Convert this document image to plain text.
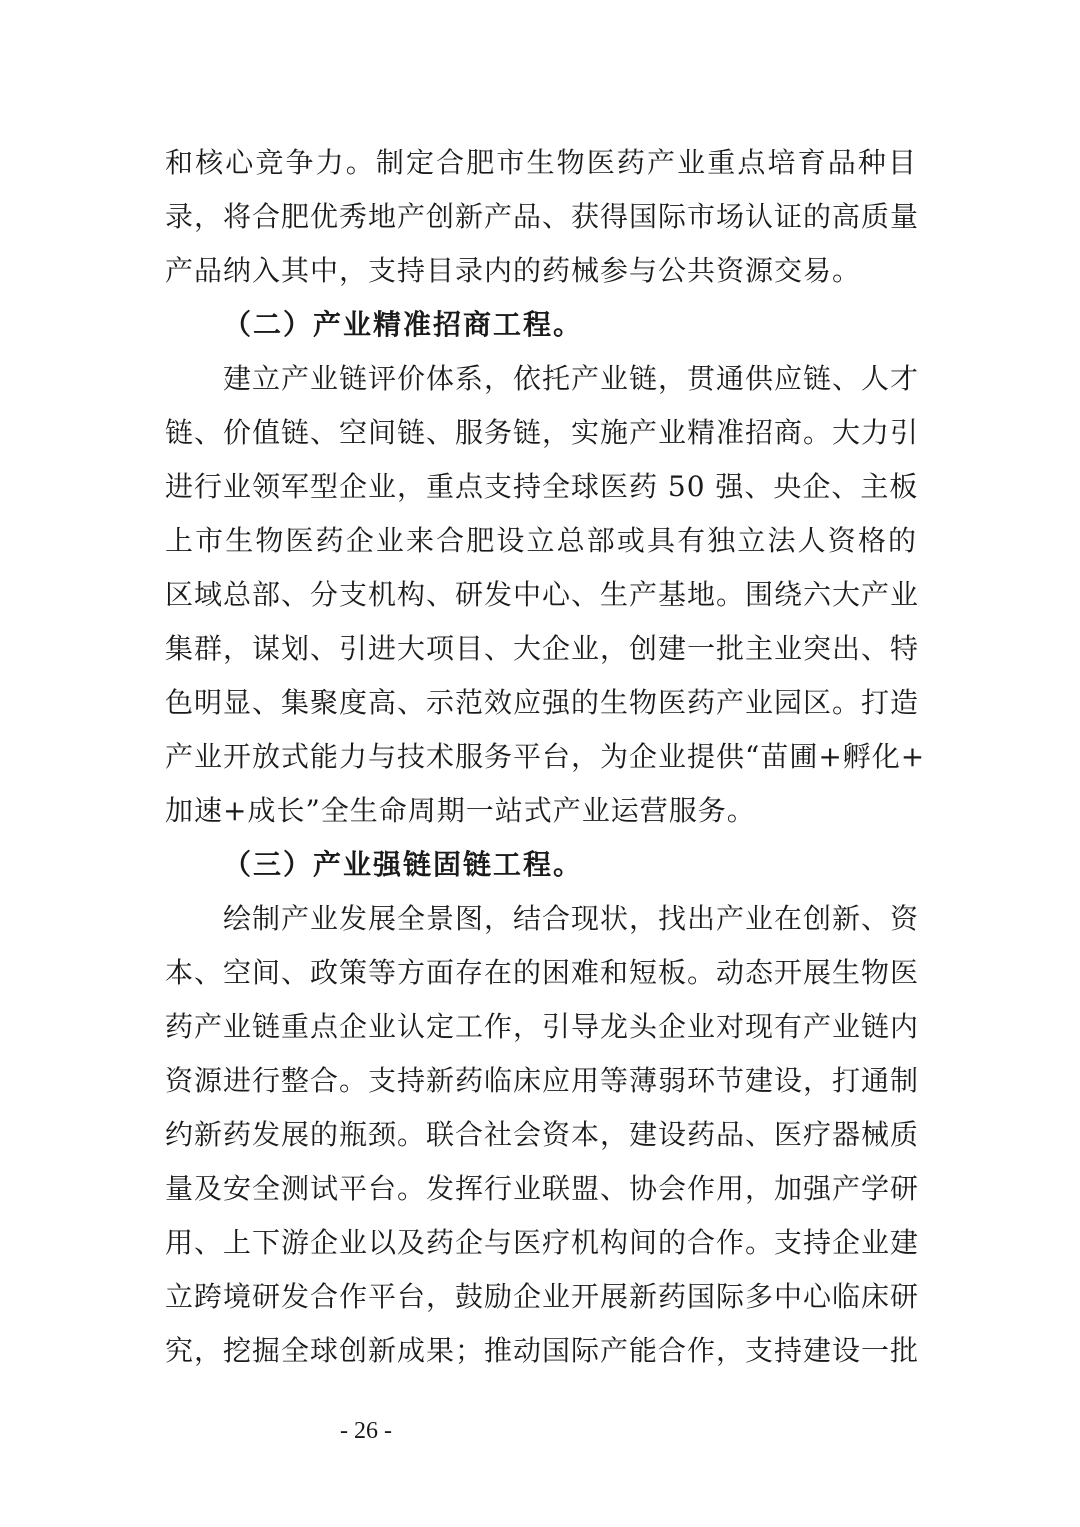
和核心竞争力。制定合肥市生物医药产业重点培育品种目
录，将合肥优秀地产创新产品、获得国际市场认证的高质量
产品纳入其中，支持目录内的药械参与公共资源交易。
（二）产业精准招商工程。
建立产业链评价体系，依托产业链，贯通供应链、人才
链、价值链、空间链、服务链，实施产业精准招商。大力引
进行业领军型企业，重点支持全球医药 50 强、央企、主板
上市生物医药企业来合肥设立总部或具有独立法人资格的
区域总部、分支机构、研发中心、生产基地。围绕六大产业
集群，谋划、引进大项目、大企业，创建一批主业突出、特
色明显、集聚度高、示范效应强的生物医药产业园区。打造
产业开放式能力与技术服务平台，为企业提供“苗圃+孵化+
加速+成长”全生命周期一站式产业运营服务。
（三）产业强链固链工程。
绘制产业发展全景图，结合现状，找出产业在创新、资
本、空间、政策等方面存在的困难和短板。动态开展生物医
药产业链重点企业认定工作，引导龙头企业对现有产业链内
资源进行整合。支持新药临床应用等薄弱环节建设，打通制
约新药发展的瓶颈。联合社会资本，建设药品、医疗器械质
量及安全测试平台。发挥行业联盟、协会作用，加强产学研
用、上下游企业以及药企与医疗机构间的合作。支持企业建
立跨境研发合作平台，鼓励企业开展新药国际多中心临床研
究，挖掘全球创新成果；推动国际产能合作，支持建设一批
- 26 -
